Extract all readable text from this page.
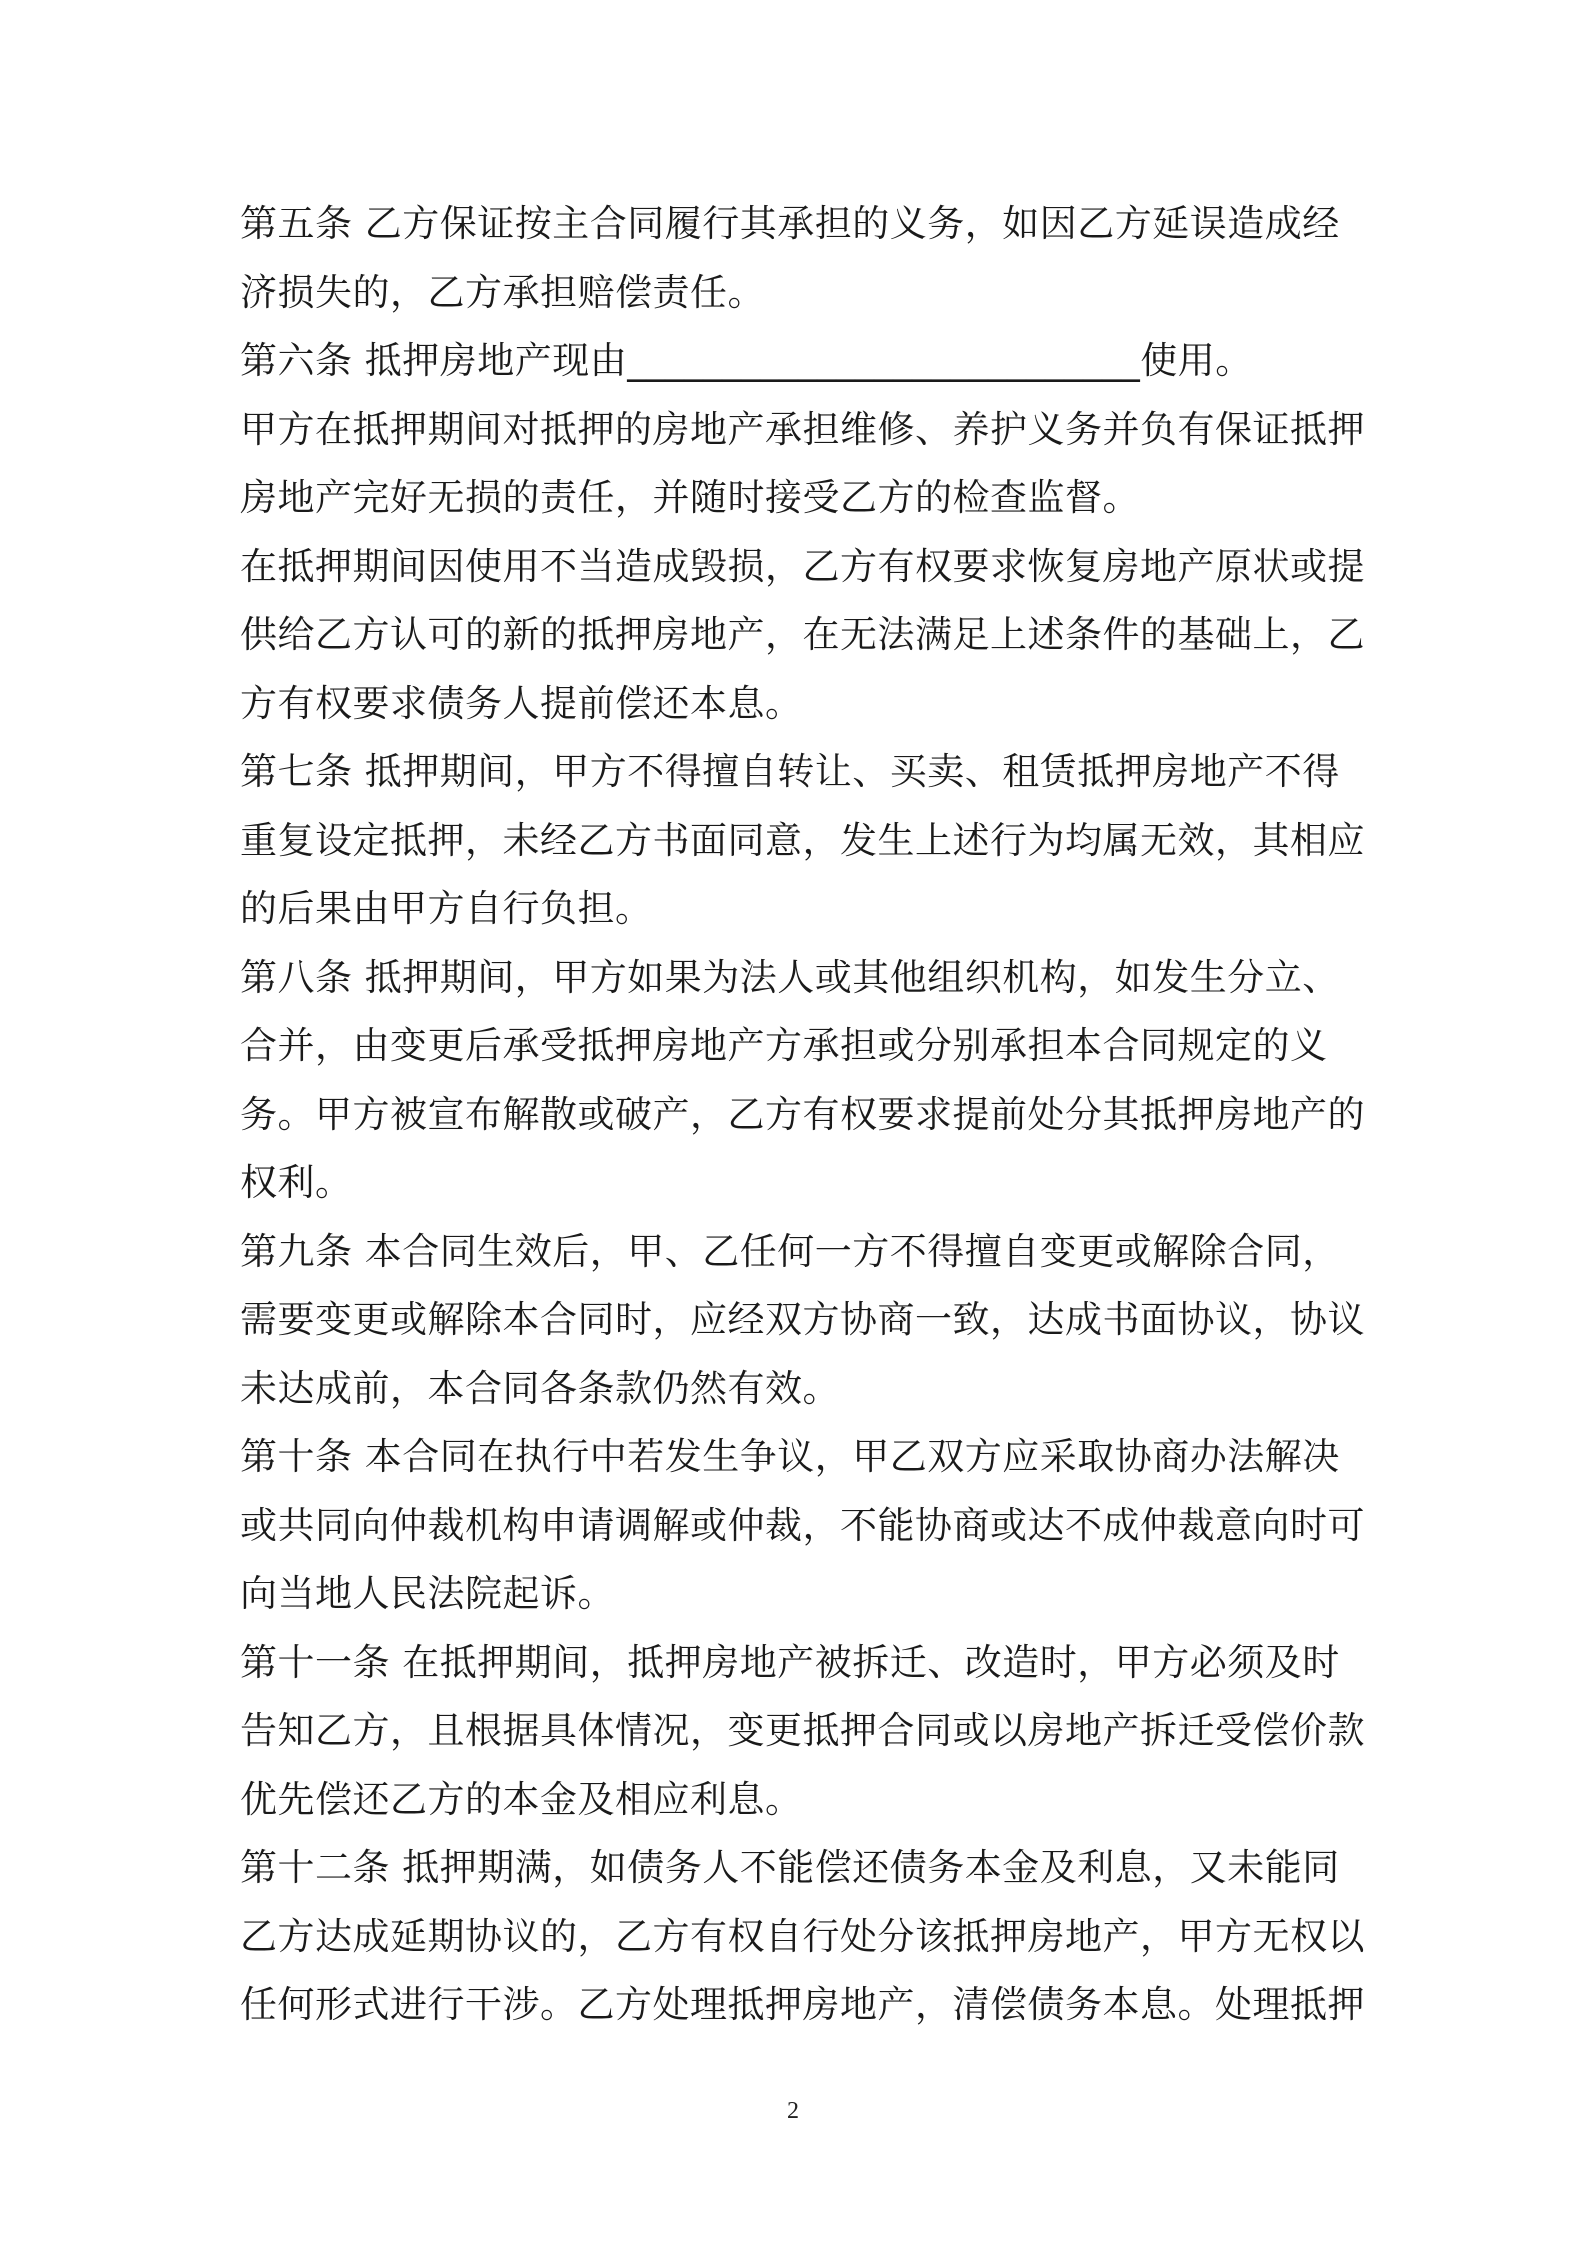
第五条 乙方保证按主合同履行其承担的义务，如因乙方延误造成经
济损失的，乙方承担赔偿责任。
第六条 抵押房地产现由___________________________使用。
甲方在抵押期间对抵押的房地产承担维修、养护义务并负有保证抵押
房地产完好无损的责任，并随时接受乙方的检查监督。
在抵押期间因使用不当造成毁损，乙方有权要求恢复房地产原状或提
供给乙方认可的新的抵押房地产，在无法满足上述条件的基础上，乙
方有权要求债务人提前偿还本息。
第七条 抵押期间，甲方不得擅自转让、买卖、租赁抵押房地产不得
重复设定抵押，未经乙方书面同意，发生上述行为均属无效，其相应
的后果由甲方自行负担。
第八条 抵押期间，甲方如果为法人或其他组织机构，如发生分立、
合并，由变更后承受抵押房地产方承担或分别承担本合同规定的义
务。甲方被宣布解散或破产，乙方有权要求提前处分其抵押房地产的
权利。
第九条 本合同生效后，甲、乙任何一方不得擅自变更或解除合同，
需要变更或解除本合同时，应经双方协商一致，达成书面协议，协议
未达成前，本合同各条款仍然有效。
第十条 本合同在执行中若发生争议，甲乙双方应采取协商办法解决
或共同向仲裁机构申请调解或仲裁，不能协商或达不成仲裁意向时可
向当地人民法院起诉。
第十一条 在抵押期间，抵押房地产被拆迁、改造时，甲方必须及时
告知乙方，且根据具体情况，变更抵押合同或以房地产拆迁受偿价款
优先偿还乙方的本金及相应利息。
第十二条 抵押期满，如债务人不能偿还债务本金及利息，又未能同
乙方达成延期协议的，乙方有权自行处分该抵押房地产，甲方无权以
任何形式进行干涉。乙方处理抵押房地产，清偿债务本息。处理抵押
2
